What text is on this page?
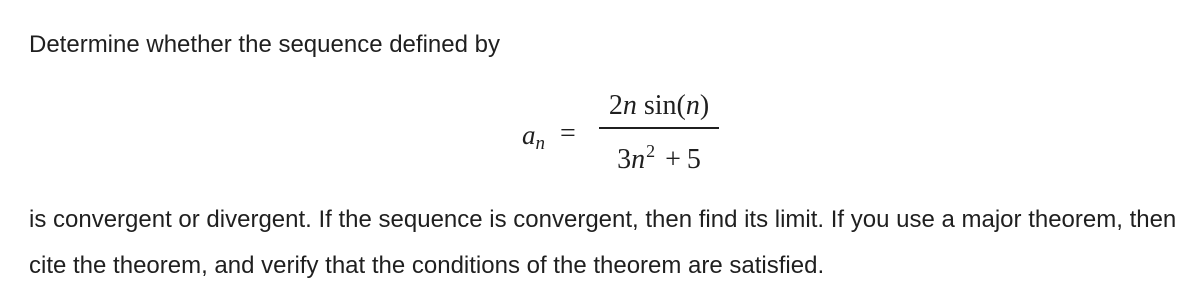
Determine whether the sequence defined by

$a_n$ =
2n sin(n)
$3n^2 + 5$

is convergent or divergent. If the sequence is convergent, then find its limit. If you use a major theorem, then cite the theorem, and verify that the conditions of the theorem are satisfied.
